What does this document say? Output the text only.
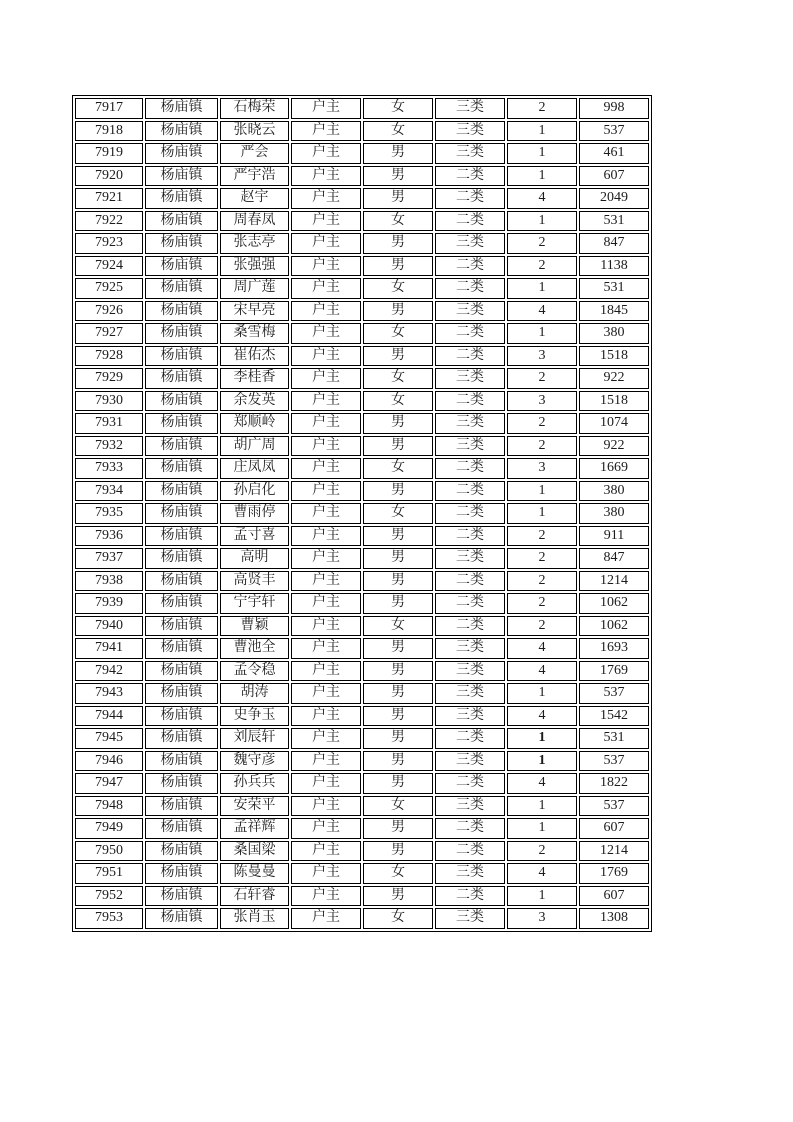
7917	杨庙镇	石梅荣	户主	女	三类	2	998
7918	杨庙镇	张晓云	户主	女	三类	1	537
7919	杨庙镇	严会	户主	男	三类	1	461
7920	杨庙镇	严宇浩	户主	男	二类	1	607
7921	杨庙镇	赵宇	户主	男	二类	4	2049
7922	杨庙镇	周春凤	户主	女	二类	1	531
7923	杨庙镇	张志亭	户主	男	三类	2	847
7924	杨庙镇	张强强	户主	男	二类	2	1138
7925	杨庙镇	周广莲	户主	女	二类	1	531
7926	杨庙镇	宋早亮	户主	男	三类	4	1845
7927	杨庙镇	桑雪梅	户主	女	二类	1	380
7928	杨庙镇	崔佑杰	户主	男	二类	3	1518
7929	杨庙镇	李桂香	户主	女	三类	2	922
7930	杨庙镇	余发英	户主	女	二类	3	1518
7931	杨庙镇	郑顺岭	户主	男	三类	2	1074
7932	杨庙镇	胡广周	户主	男	三类	2	922
7933	杨庙镇	庄凤凤	户主	女	二类	3	1669
7934	杨庙镇	孙启化	户主	男	二类	1	380
7935	杨庙镇	曹雨停	户主	女	二类	1	380
7936	杨庙镇	孟寸喜	户主	男	二类	2	911
7937	杨庙镇	高明	户主	男	三类	2	847
7938	杨庙镇	高贤丰	户主	男	二类	2	1214
7939	杨庙镇	宁宇轩	户主	男	二类	2	1062
7940	杨庙镇	曹颖	户主	女	二类	2	1062
7941	杨庙镇	曹池全	户主	男	三类	4	1693
7942	杨庙镇	孟令稳	户主	男	三类	4	1769
7943	杨庙镇	胡涛	户主	男	三类	1	537
7944	杨庙镇	史争玉	户主	男	三类	4	1542
7945	杨庙镇	刘辰轩	户主	男	二类	1	531
7946	杨庙镇	魏守彦	户主	男	三类	1	537
7947	杨庙镇	孙兵兵	户主	男	二类	4	1822
7948	杨庙镇	安荣平	户主	女	三类	1	537
7949	杨庙镇	孟祥辉	户主	男	二类	1	607
7950	杨庙镇	桑国梁	户主	男	二类	2	1214
7951	杨庙镇	陈曼曼	户主	女	三类	4	1769
7952	杨庙镇	石轩睿	户主	男	二类	1	607
7953	杨庙镇	张肖玉	户主	女	三类	3	1308
